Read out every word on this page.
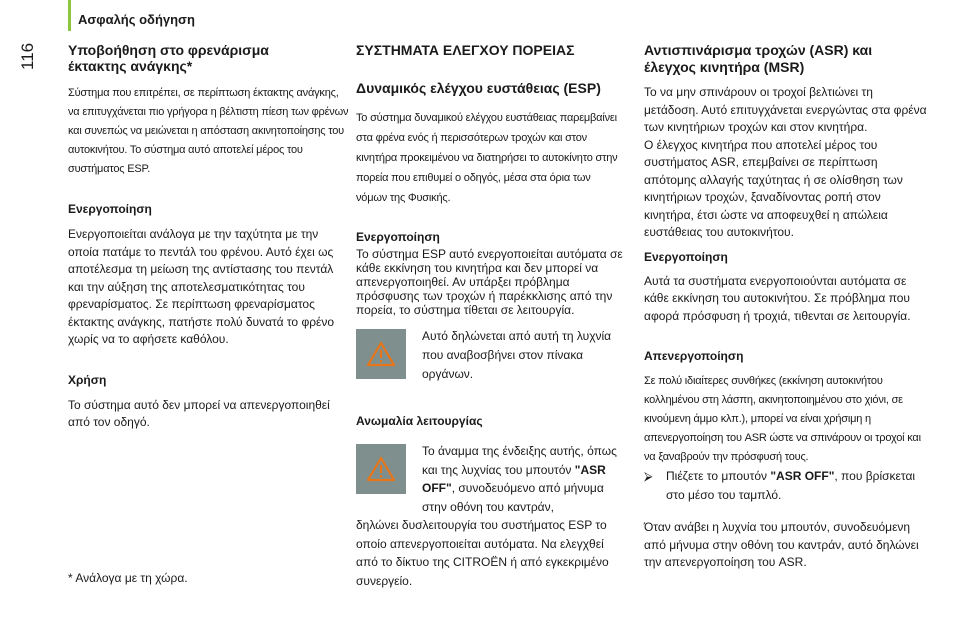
Ασφαλής οδήγηση
116 Υποβοήθηση στο φρενάρισμα
έκτακτης ανάγκης*
Σύστημα που επιτρέπει, σε περίπτωση έκτακτης ανάγκης, να επιτυγχάνεται πιο γρήγορα η βέλτιστη πίεση των φρένων και συνεπώς να μειώνεται η απόσταση ακινητοποίησης του αυτοκινήτου. Το σύστημα αυτό αποτελεί μέρος του συστήματος ESP.
Ενεργοποίηση
Ενεργοποιείται ανάλογα με την ταχύτητα με την οποία πατάμε το πεντάλ του φρένου. Αυτό έχει ως αποτέλεσμα τη μείωση της αντίστασης του πεντάλ και την αύξηση της αποτελεσματικότητας του φρεναρίσματος. Σε περίπτωση φρεναρίσματος έκτακτης ανάγκης, πατήστε πολύ δυνατά το φρένο χωρίς να το αφήσετε καθόλου.
Χρήση
Το σύστημα αυτό δεν μπορεί να απενεργοποιηθεί από τον οδηγό.
* Ανάλογα με τη χώρα.
ΣΥΣΤΗΜΑΤΑ ΕΛΕΓΧΟΥ ΠΟΡΕΙΑΣ
Δυναμικός ελέγχου ευστάθειας (ESP)
Το σύστημα δυναμικού ελέγχου ευστάθειας παρεμβαίνει στα φρένα ενός ή περισσότερων τροχών και στον κινητήρα προκειμένου να διατηρήσει το αυτοκίνητο στην πορεία που επιθυμεί ο οδηγός, μέσα στα όρια των νόμων της Φυσικής.
Ενεργοποίηση
Το σύστημα ESP αυτό ενεργοποιείται αυτόματα σε κάθε εκκίνηση του κινητήρα και δεν μπορεί να απενεργοποιηθεί. Αν υπάρξει πρόβλημα πρόσφυσης των τροχών ή παρέκκλισης από την πορεία, το σύστημα τίθεται σε λειτουργία.
Αυτό δηλώνεται από αυτή τη λυχνία που αναβοσβήνει στον πίνακα οργάνων.
Ανωμαλία λειτουργίας
Το άναμμα της ένδειξης αυτής, όπως και της λυχνίας του μπουτόν "ASR OFF", συνοδευόμενο από μήνυμα στην οθόνη του καντράν,
δηλώνει δυσλειτουργία του συστήματος ESP το οποίο απενεργοποιείται αυτόματα. Να ελεγχθεί από το δίκτυο της CITROËN ή από εγκεκριμένο συνεργείο.
Αντισπινάρισμα τροχών (ASR) και
έλεγχος κινητήρα (MSR)
Το να μην σπινάρουν οι τροχοί βελτιώνει τη μετάδοση. Αυτό επιτυγχάνεται ενεργώντας στα φρένα των κινητήριων τροχών και στον κινητήρα.
Ο έλεγχος κινητήρα που αποτελεί μέρος του συστήματος ASR, επεμβαίνει σε περίπτωση απότομης αλλαγής ταχύτητας ή σε ολίσθηση των κινητήριων τροχών, ξαναδίνοντας ροπή στον κινητήρα, έτσι ώστε να αποφευχθεί η απώλεια ευστάθειας του αυτοκινήτου.
Ενεργοποίηση
Αυτά τα συστήματα ενεργοποιούνται αυτόματα σε κάθε εκκίνηση του αυτοκινήτου. Σε πρόβλημα που αφορά πρόσφυση ή τροχιά, τιθενται σε λειτουργία.
Απενεργοποίηση
Σε πολύ ιδιαίτερες συνθήκες (εκκίνηση αυτοκινήτου κολλημένου στη λάσπη, ακινητοποιημένου στο χιόνι, σε κινούμενη άμμο κλπ.), μπορεί να είναι χρήσιμη η απενεργοποίηση του ASR ώστε να σπινάρουν οι τροχοί και να ξαναβρούν την πρόσφυσή τους.
⮚	Πιέζετε το μπουτόν "ASR OFF", που βρίσκεται στο μέσο του ταμπλό.
Όταν ανάβει η λυχνία του μπουτόν, συνοδευόμενη από μήνυμα στην οθόνη του καντράν, αυτό δηλώνει την απενεργοποίηση του ASR.
